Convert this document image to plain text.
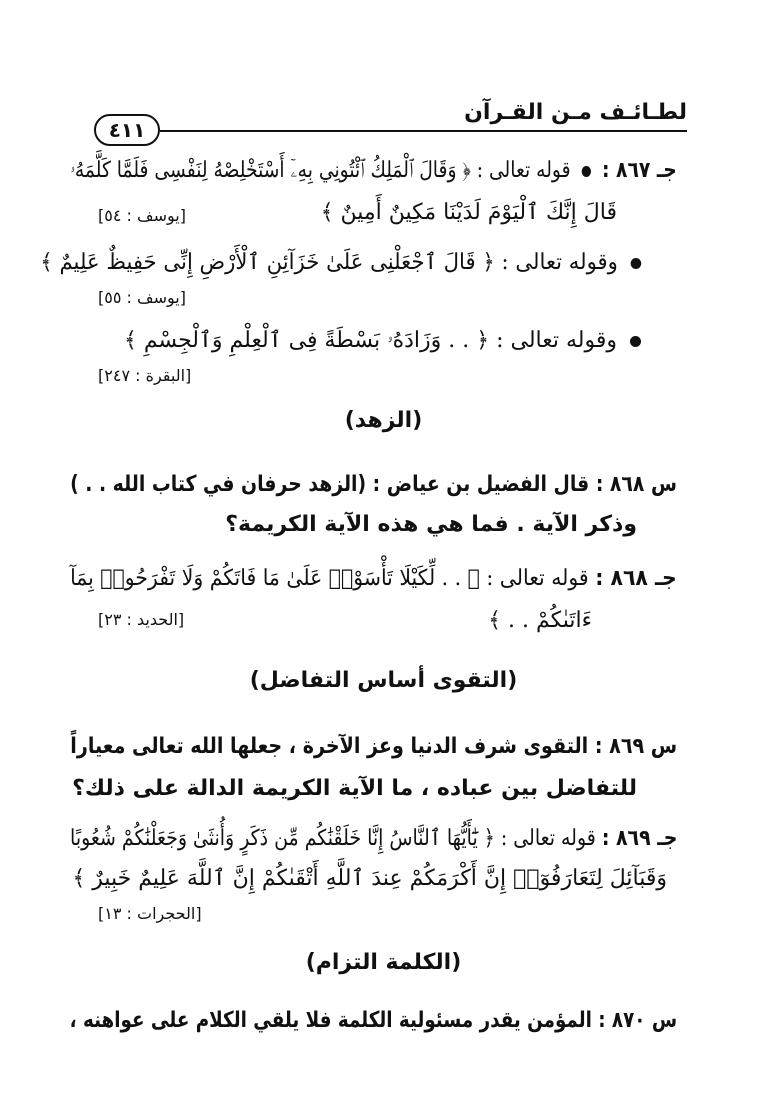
لطـائـف مـن القـرآن
٤١١
جـ ٨٦٧ :  قوله تعالى : ﴿ وَقَالَ ٱلْمَلِكُ ٱئْتُونِي بِهِۦٓ أَسْتَخْلِصْهُ لِنَفْسِى فَلَمَّا كَلَّمَهُۥ
قَالَ إِنَّكَ ٱلْيَوْمَ لَدَيْنَا مَكِينٌ أَمِينٌ ﴾
[يوسف : ٥٤]
وقوله تعالى : ﴿ قَالَ ٱجْعَلْنِى عَلَىٰ خَزَآئِنِ ٱلْأَرْضِ إِنِّى حَفِيظٌ عَلِيمٌ ﴾
[يوسف : ٥٥]
وقوله تعالى : ﴿ . . وَزَادَهُۥ بَسْطَةً فِى ٱلْعِلْمِ وَٱلْجِسْمِ ﴾
[البقرة : ٢٤٧]
(الزهد)
س ٨٦٨ : قال الفضيل بن عياض : (الزهد حرفان في كتاب الله . . )
وذكر الآية . فما هي هذه الآية الكريمة؟
جـ ٨٦٨ : قوله تعالى : ﴿ . . لِّكَيْلَا تَأْسَوْا۟ عَلَىٰ مَا فَاتَكُمْ وَلَا تَفْرَحُوا۟ بِمَآ
ءَاتَىٰكُمْ . . ﴾
[الحديد : ٢٣]
(التقوى أساس التفاضل)
س ٨٦٩ : التقوى شرف الدنيا وعز الآخرة ، جعلها الله تعالى معياراً
للتفاضل بين عباده ، ما الآية الكريمة الدالة على ذلك؟
جـ ٨٦٩ : قوله تعالى : ﴿ يَٰٓأَيُّهَا ٱلنَّاسُ إِنَّا خَلَقْنَٰكُم مِّن ذَكَرٍ وَأُنثَىٰ وَجَعَلْنَٰكُمْ شُعُوبًا
وَقَبَآئِلَ لِتَعَارَفُوٓا۟ إِنَّ أَكْرَمَكُمْ عِندَ ٱللَّهِ أَتْقَىٰكُمْ إِنَّ ٱللَّهَ عَلِيمٌ خَبِيرٌ ﴾
[الحجرات : ١٣]
(الكلمة التزام)
س ٨٧٠ : المؤمن يقدر مسئولية الكلمة فلا يلقي الكلام على عواهنه ،
